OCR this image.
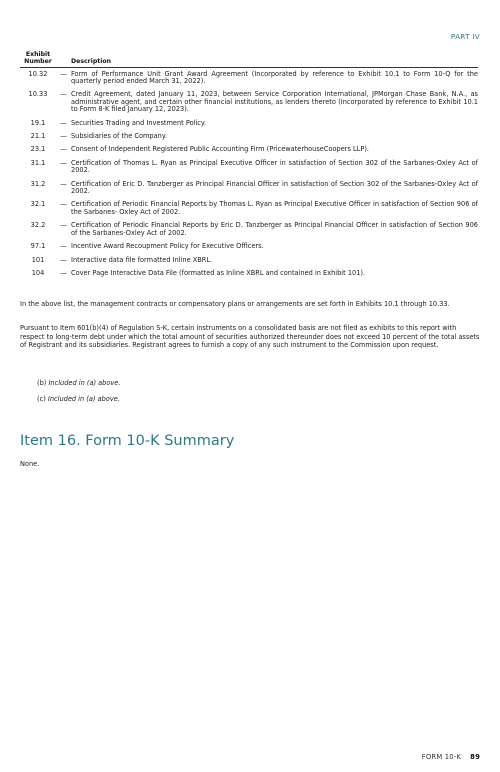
PART IV
Exhibit
Number		Description
10.32	—	Form of Performance Unit Grant Award Agreement (Incorporated by reference to Exhibit 10.1 to Form 10-Q for the quarterly period ended March 31, 2022).
10.33	—	Credit Agreement, dated January 11, 2023, between Service Corporation International, JPMorgan Chase Bank, N.A., as administrative agent, and certain other financial institutions, as lenders thereto (Incorporated by reference to Exhibit 10.1 to Form 8-K filed January 12, 2023).
19.1	—	Securities Trading and Investment Policy.
21.1	—	Subsidiaries of the Company.
23.1	—	Consent of Independent Registered Public Accounting Firm (PricewaterhouseCoopers LLP).
31.1	—	Certification of Thomas L. Ryan as Principal Executive Officer in satisfaction of Section 302 of the Sarbanes-Oxley Act of 2002.
31.2	—	Certification of Eric D. Tanzberger as Principal Financial Officer in satisfaction of Section 302 of the Sarbanes-Oxley Act of 2002.
32.1	—	Certification of Periodic Financial Reports by Thomas L. Ryan as Principal Executive Officer in satisfaction of Section 906 of the Sarbanes- Oxley Act of 2002.
32.2	—	Certification of Periodic Financial Reports by Eric D. Tanzberger as Principal Financial Officer in satisfaction of Section 906 of the Sarbanes-Oxley Act of 2002.
97.1	—	Incentive Award Recoupment Policy for Executive Officers.
101	—	Interactive data file formatted Inline XBRL.
104	—	Cover Page Interactive Data File (formatted as Inline XBRL and contained in Exhibit 101).

In the above list, the management contracts or compensatory plans or arrangements are set forth in Exhibits 10.1 through 10.33.

Pursuant to Item 601(b)(4) of Regulation S-K, certain instruments on a consolidated basis are not filed as exhibits to this report with respect to long-term debt under which the total amount of securities authorized thereunder does not exceed 10 percent of the total assets of Registrant and its subsidiaries. Registrant agrees to furnish a copy of any such instrument to the Commission upon request.

(b) Included in (a) above.

(c) Included in (a) above.

Item 16. Form 10-K Summary

None.

FORM 10-K 89
